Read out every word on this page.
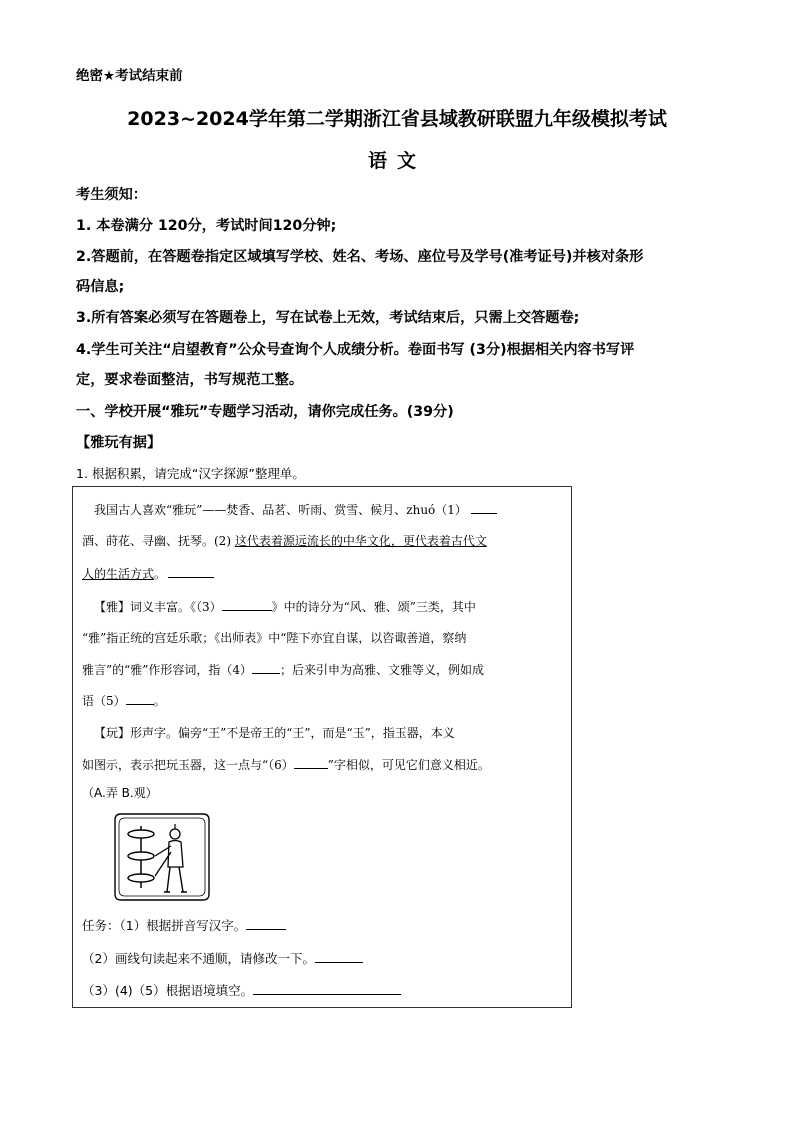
绝密★考试结束前
2023~2024学年第二学期浙江省县域教研联盟九年级模拟考试
语文
考生须知：
1. 本卷满分 120分，考试时间120分钟;
2.答题前，在答题卷指定区域填写学校、姓名、考场、座位号及学号(准考证号)并核对条形
码信息;
3.所有答案必须写在答题卷上，写在试卷上无效，考试结束后，只需上交答题卷;
4.学生可关注“启望教育”公众号查询个人成绩分析。卷面书写 (3分)根据相关内容书写评
定，要求卷面整洁，书写规范工整。
一、学校开展“雅玩”专题学习活动，请你完成任务。(39分)
【雅玩有据】
1. 根据积累，请完成“汉字探源”整理单。
我国古人喜欢“雅玩”——焚香、品茗、听雨、赏雪、候月、zhuó（1）
酒、莳花、寻幽、抚琴。(2) 这代表着源远流长的中华文化，更代表着古代文
人的生活方式。
【雅】词义丰富。《（3）	》中的诗分为“风、雅、颂”三类，其中
“雅”指正统的宫廷乐歌；《出师表》中“陛下亦宜自谋，以咨诹善道，察纳
雅言”的“雅”作形容词，指（4） ；后来引申为高雅、文雅等义，例如成
语（5） 。
【玩】形声字。偏旁“王”不是帝王的“王”，而是“玉”，指玉器，本义
如图示，表示把玩玉器，这一点与“（6）	”字相似，可见它们意义相近。
（A.弄 B.观）
任务：（1）根据拼音写汉字。
（2）画线句读起来不通顺，请修改一下。
（3）(4)（5）根据语境填空。
